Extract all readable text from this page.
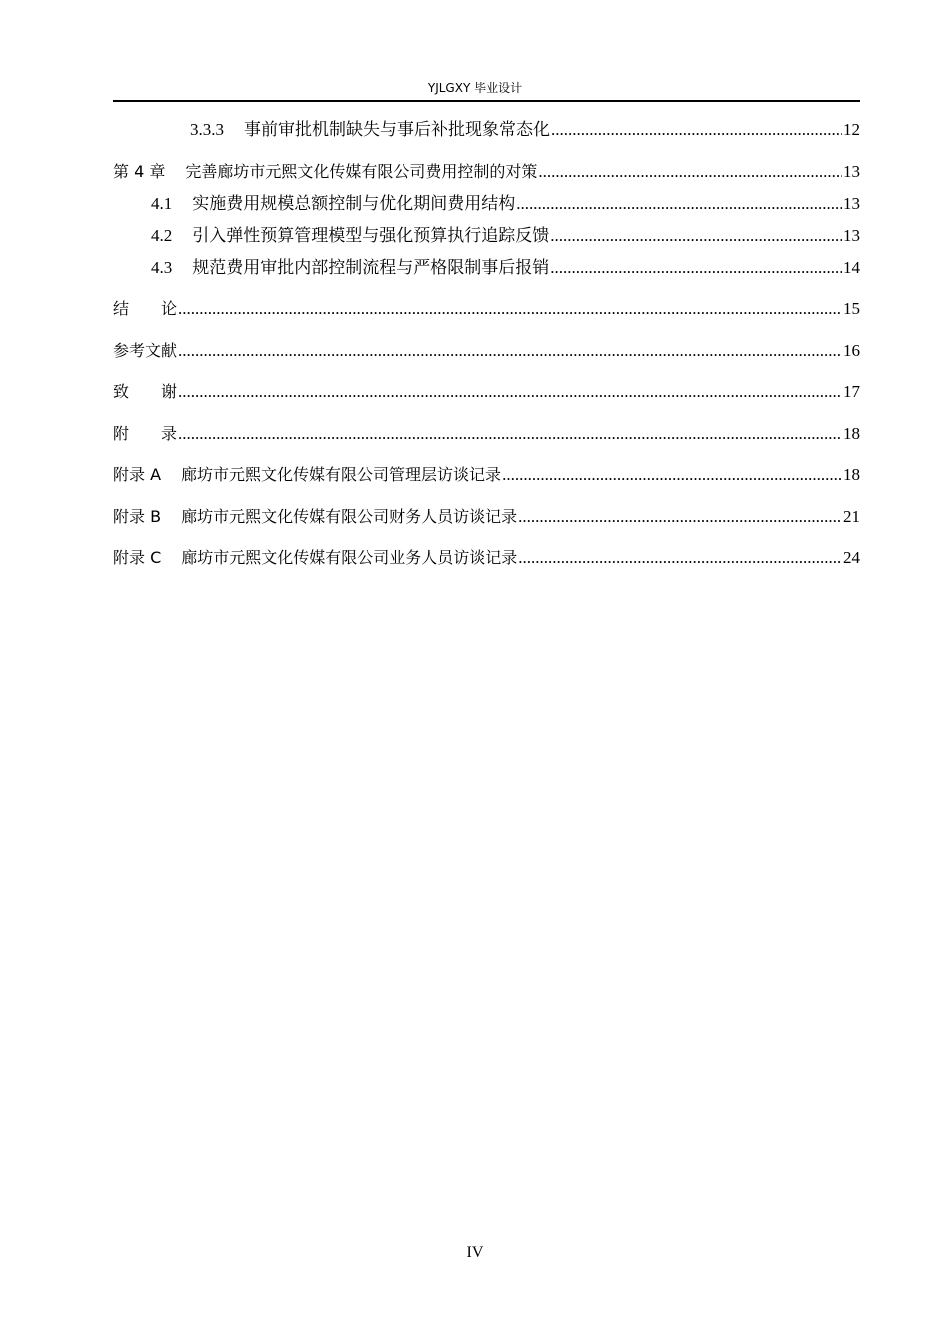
YJLGXY 毕业设计
3.3.3 事前审批机制缺失与事后补批现象常态化 .....	12
第 4 章 完善廊坊市元熙文化传媒有限公司费用控制的对策 .....	13
4.1 实施费用规模总额控制与优化期间费用结构 .....	13
4.2 引入弹性预算管理模型与强化预算执行追踪反馈 .....	13
4.3 规范费用审批内部控制流程与严格限制事后报销 .....	14
结　　论 .....	15
参考文献 .....	16
致　　谢 .....	17
附　　录 .....	18
附录 A 廊坊市元熙文化传媒有限公司管理层访谈记录 .....	18
附录 B 廊坊市元熙文化传媒有限公司财务人员访谈记录 .....	21
附录 C 廊坊市元熙文化传媒有限公司业务人员访谈记录 .....	24
IV
